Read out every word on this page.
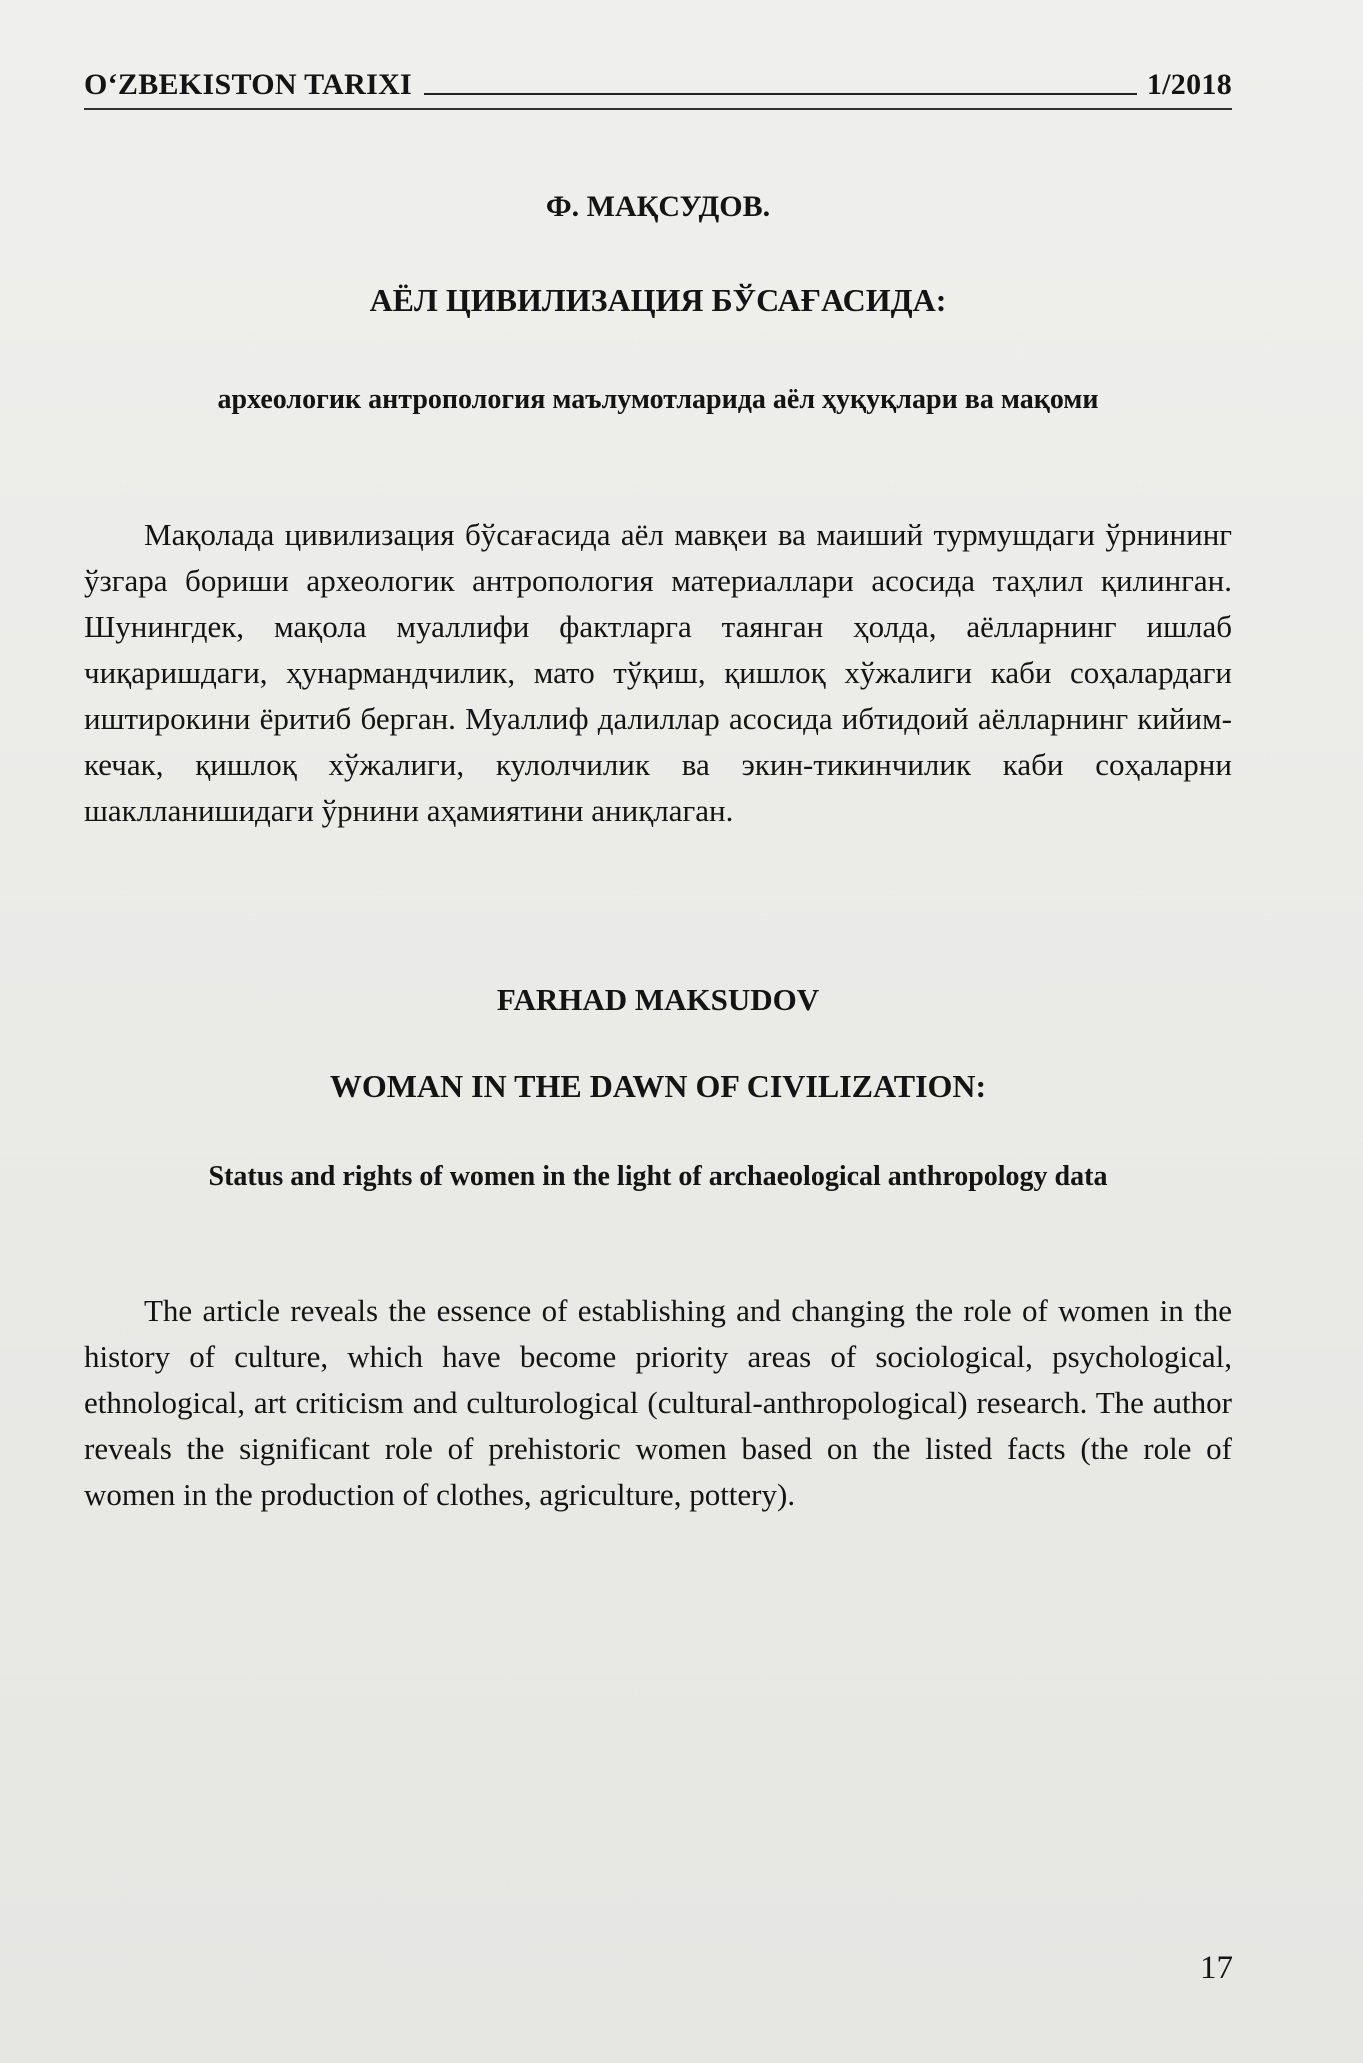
O‘ZBEKISTON TARIXI	1/2018
Ф. МАҚСУДОВ.
АЁЛ ЦИВИЛИЗАЦИЯ БЎСАҒАСИДА:
археологик антропология маълумотларида аёл ҳуқуқлари ва мақоми

Мақолада цивилизация бўсағасида аёл мавқеи ва маиший турмушдаги ўрнининг ўзгара бориши археологик антропология материаллари асосида таҳлил қилинган. Шунингдек, мақола муаллифи фактларга таянган ҳолда, аёлларнинг ишлаб чиқаришдаги, ҳунармандчилик, мато тўқиш, қишлоқ хўжалиги каби соҳалардаги иштирокини ёритиб берган. Муаллиф далиллар асосида ибтидоий аёлларнинг кийим-кечак, қишлоқ хўжалиги, кулолчилик ва экин-тикинчилик каби соҳаларни шаклланишидаги ўрнини аҳамиятини аниқлаган.

FARHAD MAKSUDOV
WOMAN IN THE DAWN OF CIVILIZATION:
Status and rights of women in the light of archaeological anthropology data

The article reveals the essence of establishing and changing the role of women in the history of culture, which have become priority areas of sociological, psychological, ethnological, art criticism and culturological (cultural-anthropological) research. The author reveals the significant role of prehistoric women based on the listed facts (the role of women in the production of clothes, agriculture, pottery).

17
